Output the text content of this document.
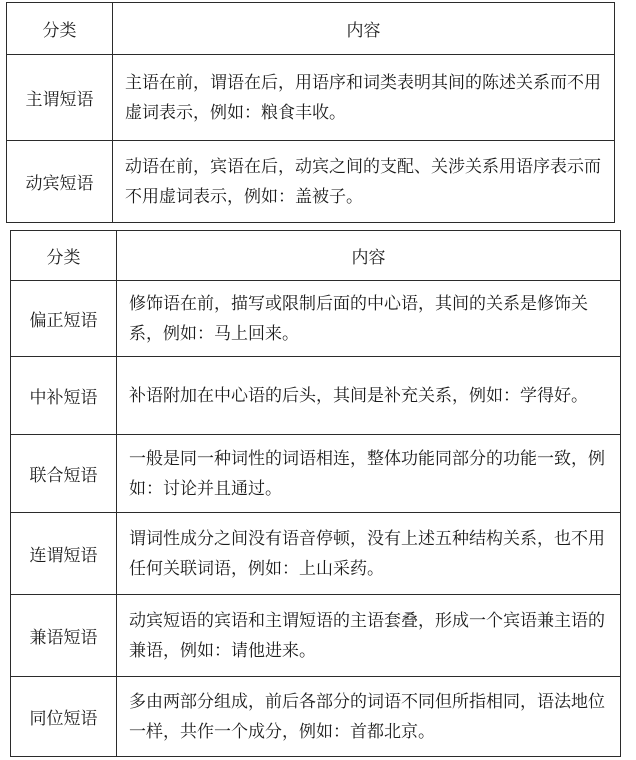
分类	内容
主谓短语	主语在前，谓语在后，用语序和词类表明其间的陈述关系而不用虚词表示，例如：粮食丰收。
动宾短语	动语在前，宾语在后，动宾之间的支配、关涉关系用语序表示而不用虚词表示，例如：盖被子。
分类	内容
偏正短语	修饰语在前，描写或限制后面的中心语，其间的关系是修饰关系，例如：马上回来。
中补短语	补语附加在中心语的后头，其间是补充关系，例如：学得好。
联合短语	一般是同一种词性的词语相连，整体功能同部分的功能一致，例如：讨论并且通过。
连谓短语	谓词性成分之间没有语音停顿，没有上述五种结构关系，也不用任何关联词语，例如：上山采药。
兼语短语	动宾短语的宾语和主谓短语的主语套叠，形成一个宾语兼主语的兼语，例如：请他进来。
同位短语	多由两部分组成，前后各部分的词语不同但所指相同，语法地位一样，共作一个成分，例如：首都北京。
